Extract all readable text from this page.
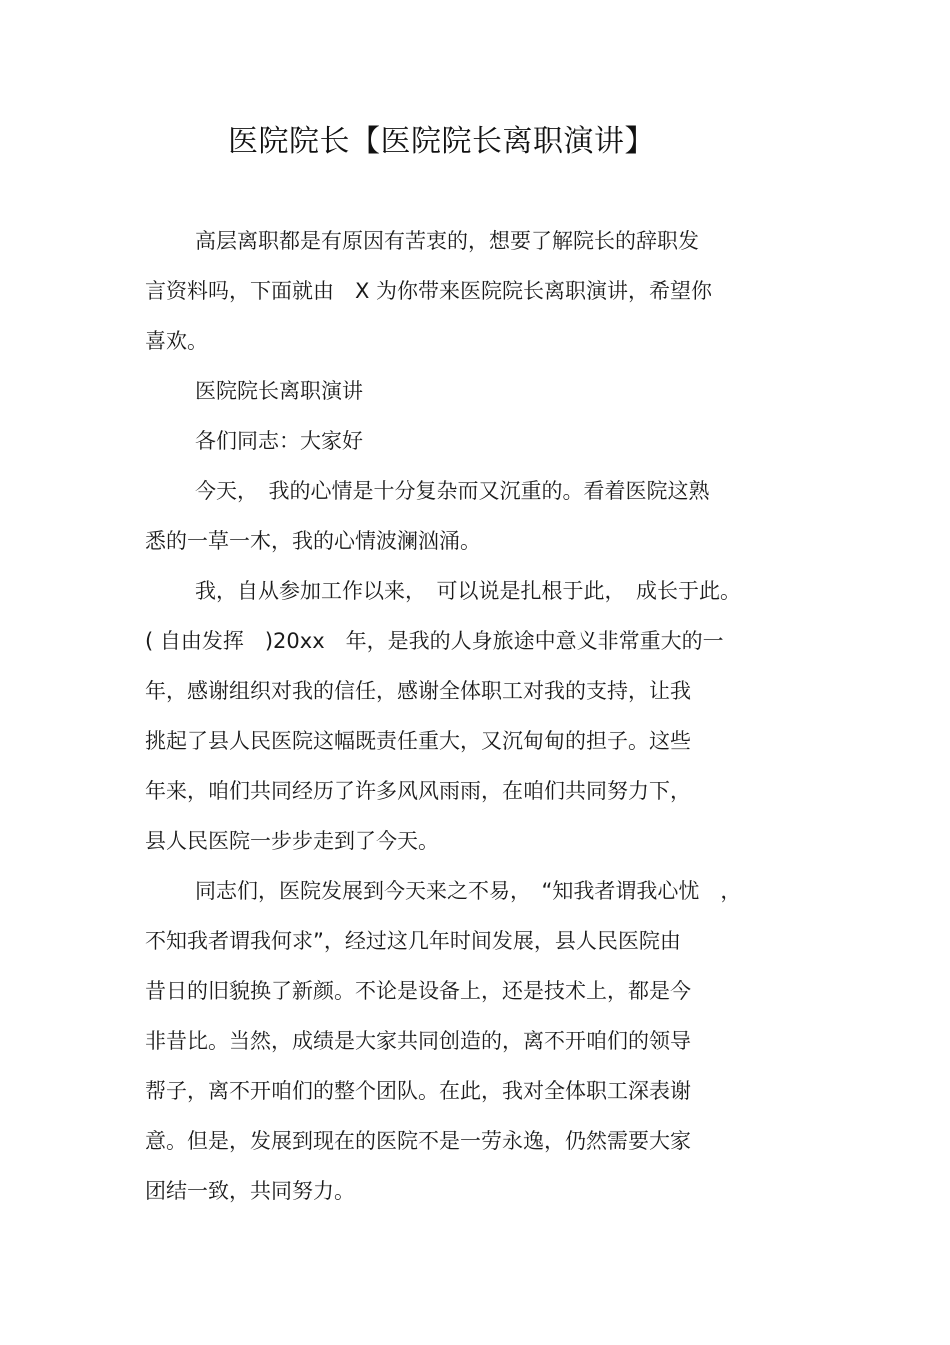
医院院长【医院院长离职演讲】
高层离职都是有原因有苦衷的，想要了解院长的辞职发
言资料吗，下面就由　X 为你带来医院院长离职演讲，希望你
喜欢。
医院院长离职演讲
各们同志：大家好
今天，　我的心情是十分复杂而又沉重的。看着医院这熟
悉的一草一木，我的心情波澜汹涌。
我，自从参加工作以来，　可以说是扎根于此，　成长于此。
( 自由发挥　)20xx　年，是我的人身旅途中意义非常重大的一
年，感谢组织对我的信任，感谢全体职工对我的支持，让我
挑起了县人民医院这幅既责任重大，又沉甸甸的担子。这些
年来，咱们共同经历了许多风风雨雨，在咱们共同努力下，
县人民医院一步步走到了今天。
同志们，医院发展到今天来之不易，　“知我者谓我心忧　，
不知我者谓我何求”，经过这几年时间发展，县人民医院由
昔日的旧貌换了新颜。不论是设备上，还是技术上，都是今
非昔比。当然，成绩是大家共同创造的，离不开咱们的领导
帮子，离不开咱们的整个团队。在此，我对全体职工深表谢
意。但是，发展到现在的医院不是一劳永逸，仍然需要大家
团结一致，共同努力。
